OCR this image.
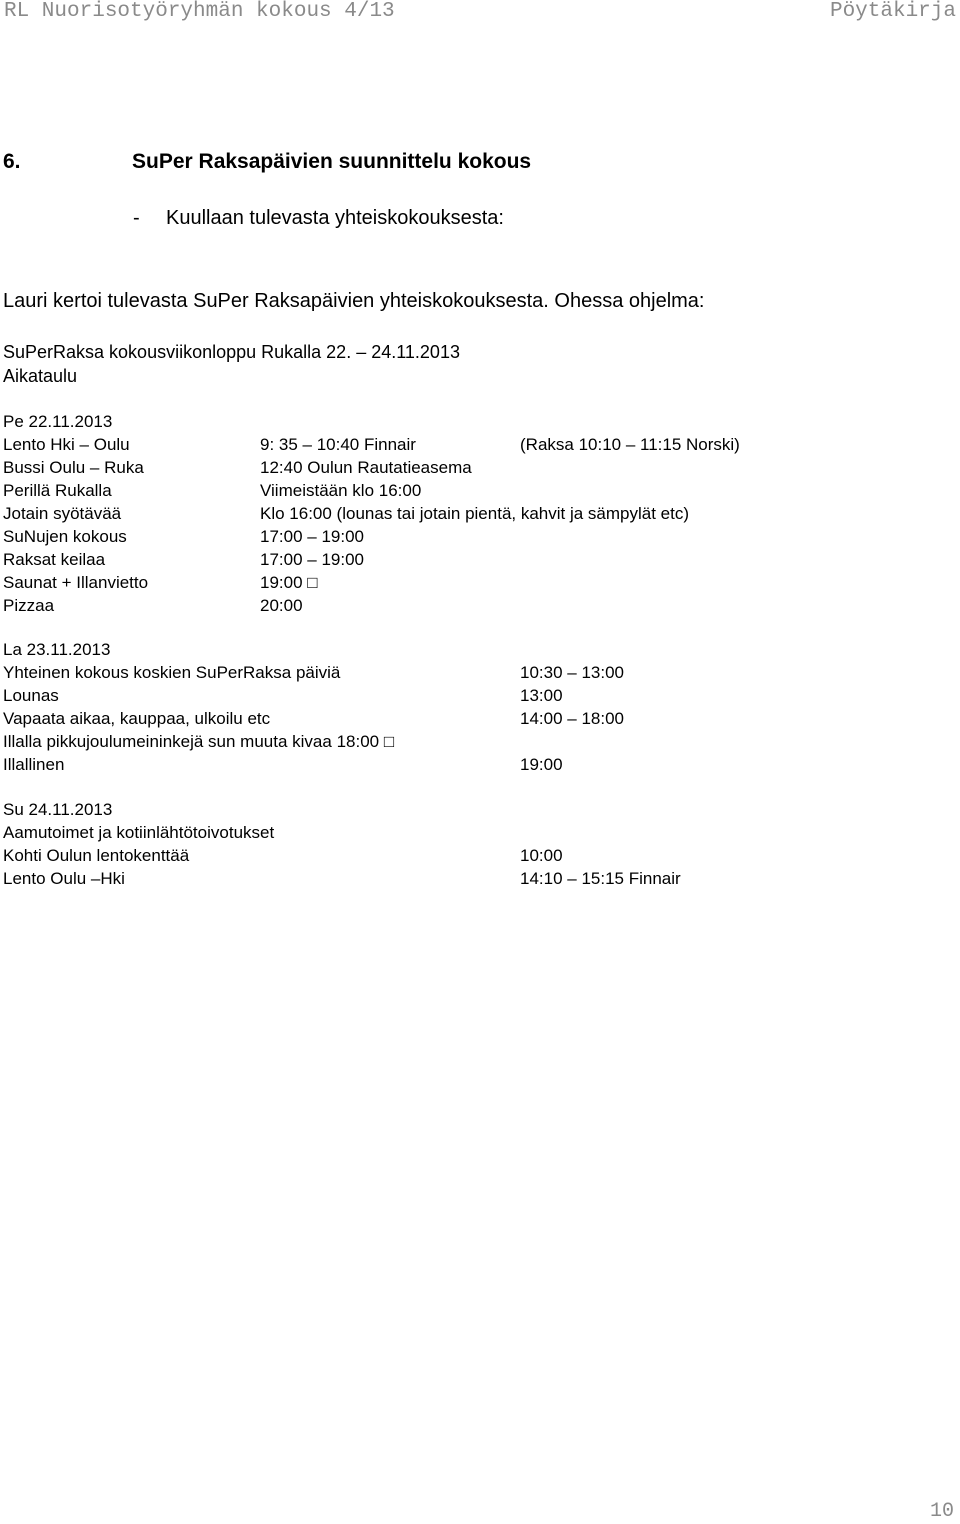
RL Nuorisotyöryhmän kokous 4/13	Pöytäkirja
6.	SuPer Raksapäivien suunnittelu kokous
- Kuullaan tulevasta yhteiskokouksesta:
Lauri kertoi tulevasta SuPer Raksapäivien yhteiskokouksesta. Ohessa ohjelma:
SuPerRaksa kokousviikonloppu Rukalla 22. – 24.11.2013
Aikataulu
Pe 22.11.2013
Lento Hki – Oulu	9: 35 – 10:40 Finnair	(Raksa 10:10 – 11:15 Norski)
Bussi Oulu – Ruka	12:40 Oulun Rautatieasema
Perillä Rukalla	Viimeistään klo 16:00
Jotain syötävää	Klo 16:00 (lounas tai jotain pientä, kahvit ja sämpylät etc)
SuNujen kokous	17:00 – 19:00
Raksat keilaa	17:00 – 19:00
Saunat + Illanvietto	19:00 □
Pizzaa	20:00
La 23.11.2013
Yhteinen kokous koskien SuPerRaksa päiviä	10:30 – 13:00
Lounas	13:00
Vapaata aikaa, kauppaa, ulkoilu etc	14:00 – 18:00
Illalla pikkujoulumeininkejä sun muuta kivaa 18:00 □
Illallinen	19:00
Su 24.11.2013
Aamutoimet ja kotiinlähtötoivotukset
Kohti Oulun lentokenttää	10:00
Lento Oulu –Hki	14:10 – 15:15 Finnair
10
